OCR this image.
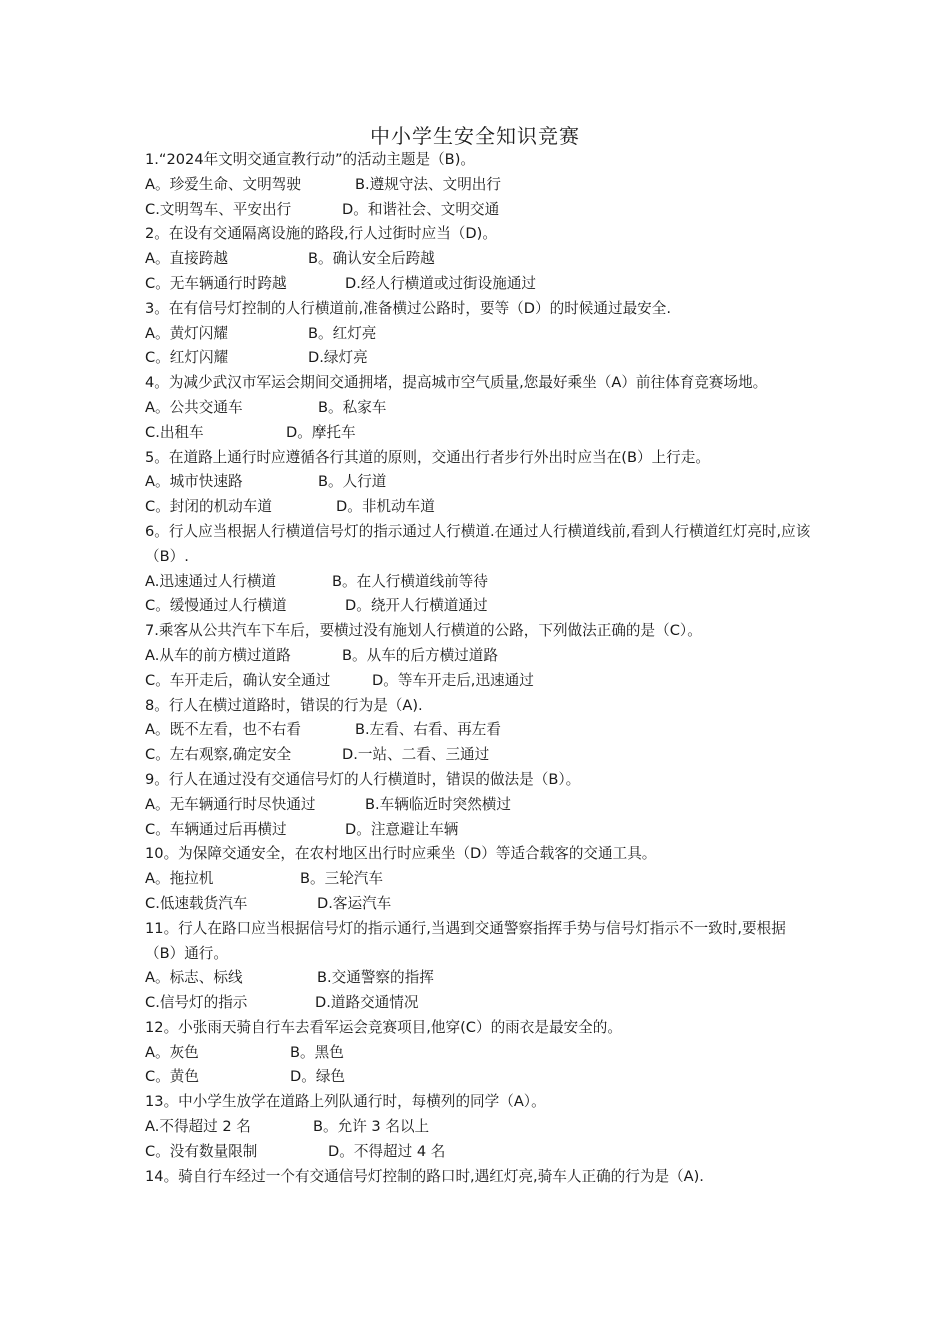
中小学生安全知识竞赛
1.“2024年文明交通宣教行动”的活动主题是（B)。
A。珍爱生命、文明驾驶	B.遵规守法、文明出行
C.文明驾车、平安出行	D。和谐社会、文明交通
2。在设有交通隔离设施的路段,行人过街时应当（D)。
A。直接跨越	B。确认安全后跨越
C。无车辆通行时跨越	D.经人行横道或过街设施通过
3。在有信号灯控制的人行横道前,准备横过公路时，要等（D）的时候通过最安全.
A。黄灯闪耀	B。红灯亮
C。红灯闪耀	D.绿灯亮
4。为减少武汉市军运会期间交通拥堵，提高城市空气质量,您最好乘坐（A）前往体育竞赛场地。
A。公共交通车	B。私家车
C.出租车	D。摩托车
5。在道路上通行时应遵循各行其道的原则，交通出行者步行外出时应当在(B）上行走。
A。城市快速路	B。人行道
C。封闭的机动车道	D。非机动车道
6。行人应当根据人行横道信号灯的指示通过人行横道.在通过人行横道线前,看到人行横道红灯亮时,应该（B）.
A.迅速通过人行横道	B。在人行横道线前等待
C。缓慢通过人行横道	D。绕开人行横道通过
7.乘客从公共汽车下车后，要横过没有施划人行横道的公路，下列做法正确的是（C）。
A.从车的前方横过道路	B。从车的后方横过道路
C。车开走后，确认安全通过	D。等车开走后,迅速通过
8。行人在横过道路时，错误的行为是（A).
A。既不左看，也不右看	B.左看、右看、再左看
C。左右观察,确定安全	D.一站、二看、三通过
9。行人在通过没有交通信号灯的人行横道时，错误的做法是（B）。
A。无车辆通行时尽快通过	B.车辆临近时突然横过
C。车辆通过后再横过	D。注意避让车辆
10。为保障交通安全，在农村地区出行时应乘坐（D）等适合载客的交通工具。
A。拖拉机	B。三轮汽车
C.低速载货汽车	D.客运汽车
11。行人在路口应当根据信号灯的指示通行,当遇到交通警察指挥手势与信号灯指示不一致时,要根据（B）通行。
A。标志、标线	B.交通警察的指挥
C.信号灯的指示	D.道路交通情况
12。小张雨天骑自行车去看军运会竞赛项目,他穿(C）的雨衣是最安全的。
A。灰色	B。黑色
C。黄色	D。绿色
13。中小学生放学在道路上列队通行时，每横列的同学（A）。
A.不得超过 2 名	B。允许 3 名以上
C。没有数量限制	D。不得超过 4 名
14。骑自行车经过一个有交通信号灯控制的路口时,遇红灯亮,骑车人正确的行为是（A).
